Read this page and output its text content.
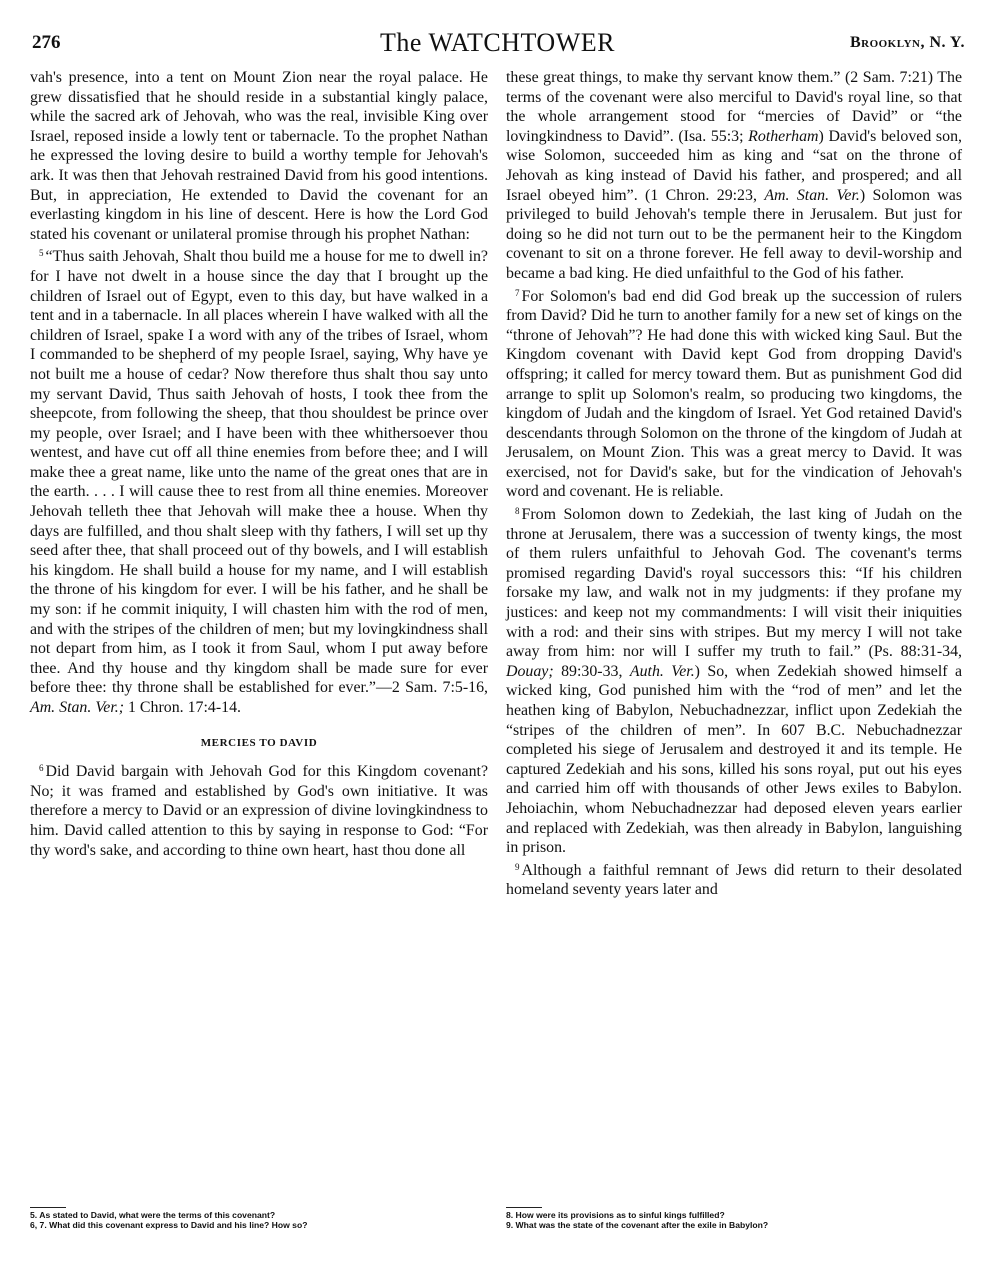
276	The WATCHTOWER	Brooklyn, N. Y.

vah's presence, into a tent on Mount Zion near the royal palace. He grew dissatisfied that he should reside in a substantial kingly palace, while the sacred ark of Jehovah, who was the real, invisible King over Israel, reposed inside a lowly tent or tabernacle. To the prophet Nathan he expressed the loving desire to build a worthy temple for Jehovah's ark. It was then that Jehovah restrained David from his good intentions. But, in appreciation, He extended to David the covenant for an everlasting kingdom in his line of descent. Here is how the Lord God stated his covenant or unilateral promise through his prophet Nathan:

$^5$ “Thus saith Jehovah, Shalt thou build me a house for me to dwell in? for I have not dwelt in a house since the day that I brought up the children of Israel out of Egypt, even to this day, but have walked in a tent and in a tabernacle. In all places wherein I have walked with all the children of Israel, spake I a word with any of the tribes of Israel, whom I commanded to be shepherd of my people Israel, saying, Why have ye not built me a house of cedar? Now therefore thus shalt thou say unto my servant David, Thus saith Jehovah of hosts, I took thee from the sheepcote, from following the sheep, that thou shouldest be prince over my people, over Israel; and I have been with thee whithersoever thou wentest, and have cut off all thine enemies from before thee; and I will make thee a great name, like unto the name of the great ones that are in the earth. . . . I will cause thee to rest from all thine enemies. Moreover Jehovah telleth thee that Jehovah will make thee a house. When thy days are fulfilled, and thou shalt sleep with thy fathers, I will set up thy seed after thee, that shall proceed out of thy bowels, and I will establish his kingdom. He shall build a house for my name, and I will establish the throne of his kingdom for ever. I will be his father, and he shall be my son: if he commit iniquity, I will chasten him with the rod of men, and with the stripes of the children of men; but my lovingkindness shall not depart from him, as I took it from Saul, whom I put away before thee. And thy house and thy kingdom shall be made sure for ever before thee: thy throne shall be established for ever.”—2 Sam. 7:5-16, Am. Stan. Ver.; 1 Chron. 17:4-14.

MERCIES TO DAVID

$^6$ Did David bargain with Jehovah God for this Kingdom covenant? No; it was framed and established by God's own initiative. It was therefore a mercy to David or an expression of divine lovingkindness to him. David called attention to this by saying in response to God: “For thy word's sake, and according to thine own heart, hast thou done all

these great things, to make thy servant know them.” (2 Sam. 7:21) The terms of the covenant were also merciful to David's royal line, so that the whole arrangement stood for “mercies of David” or “the lovingkindness to David”. (Isa. 55:3; Rotherham) David's beloved son, wise Solomon, succeeded him as king and “sat on the throne of Jehovah as king instead of David his father, and prospered; and all Israel obeyed him”. (1 Chron. 29:23, Am. Stan. Ver.) Solomon was privileged to build Jehovah's temple there in Jerusalem. But just for doing so he did not turn out to be the permanent heir to the Kingdom covenant to sit on a throne forever. He fell away to devil-worship and became a bad king. He died unfaithful to the God of his father.

$^7$ For Solomon's bad end did God break up the succession of rulers from David? Did he turn to another family for a new set of kings on the “throne of Jehovah”? He had done this with wicked king Saul. But the Kingdom covenant with David kept God from dropping David's offspring; it called for mercy toward them. But as punishment God did arrange to split up Solomon's realm, so producing two kingdoms, the kingdom of Judah and the kingdom of Israel. Yet God retained David's descendants through Solomon on the throne of the kingdom of Judah at Jerusalem, on Mount Zion. This was a great mercy to David. It was exercised, not for David's sake, but for the vindication of Jehovah's word and covenant. He is reliable.

$^8$ From Solomon down to Zedekiah, the last king of Judah on the throne at Jerusalem, there was a succession of twenty kings, the most of them rulers unfaithful to Jehovah God. The covenant's terms promised regarding David's royal successors this: “If his children forsake my law, and walk not in my judgments: if they profane my justices: and keep not my commandments: I will visit their iniquities with a rod: and their sins with stripes. But my mercy I will not take away from him: nor will I suffer my truth to fail.” (Ps. 88:31-34, Douay; 89:30-33, Auth. Ver.) So, when Zedekiah showed himself a wicked king, God punished him with the “rod of men” and let the heathen king of Babylon, Nebuchadnezzar, inflict upon Zedekiah the “stripes of the children of men”. In 607 B.C. Nebuchadnezzar completed his siege of Jerusalem and destroyed it and its temple. He captured Zedekiah and his sons, killed his sons royal, put out his eyes and carried him off with thousands of other Jews exiles to Babylon. Jehoiachin, whom Nebuchadnezzar had deposed eleven years earlier and replaced with Zedekiah, was then already in Babylon, languishing in prison.

$^9$ Although a faithful remnant of Jews did return to their desolated homeland seventy years later and

5. As stated to David, what were the terms of this covenant?
6, 7. What did this covenant express to David and his line? How so?
8. How were its provisions as to sinful kings fulfilled?
9. What was the state of the covenant after the exile in Babylon?
